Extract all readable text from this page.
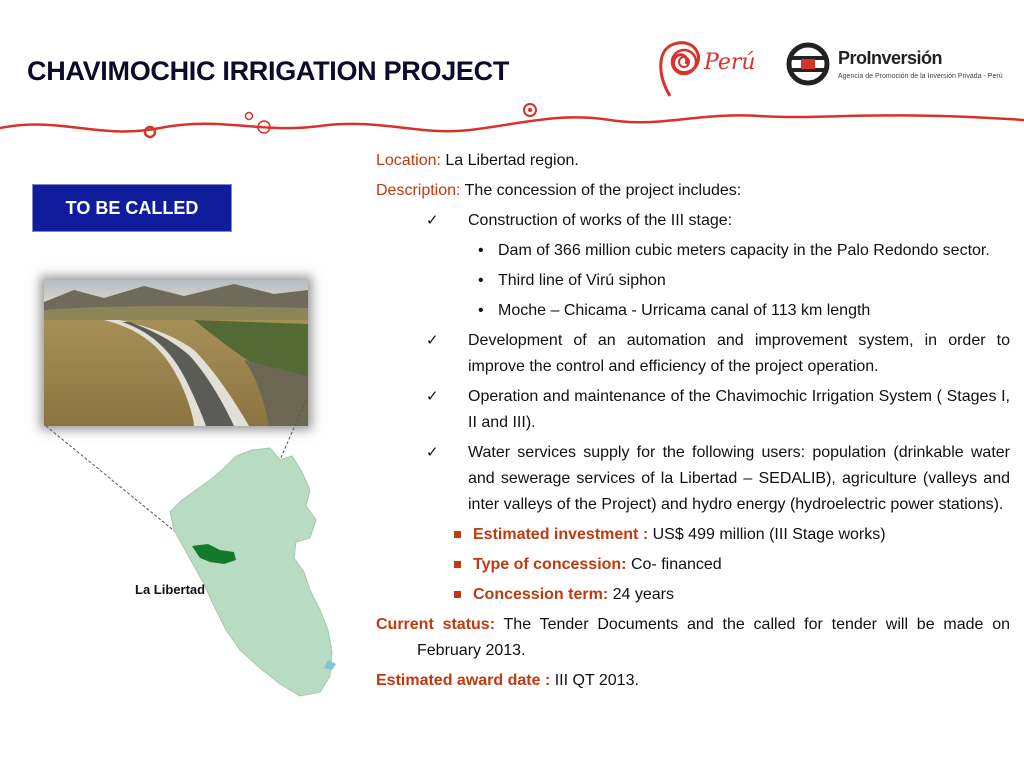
CHAVIMOCHIC IRRIGATION PROJECT	Perú	ProInversión
Agencia de Promoción de la Inversión Privada - Perú
TO BE CALLED
La Libertad
Location: La Libertad region.
Description: The concession of the project includes:
✓	Construction of works of the III stage:
• Dam of 366 million cubic meters capacity in the Palo Redondo sector.
• Third line of Virú siphon
• Moche – Chicama - Urricama canal of 113 km length
✓	Development of an automation and improvement system, in order to improve the control and efficiency of the project operation.
✓	Operation and maintenance of the Chavimochic Irrigation System ( Stages I, II and III).
✓	Water services supply for the following users: population (drinkable water and sewerage services of la Libertad – SEDALIB), agriculture (valleys and inter valleys of the Project) and hydro energy (hydroelectric power stations).
Estimated investment : US$ 499 million (III Stage works)
Type of concession: Co- financed
Concession term: 24 years
Current status: The Tender Documents and the called for tender will be made on February 2013.
Estimated award date : III QT 2013.
